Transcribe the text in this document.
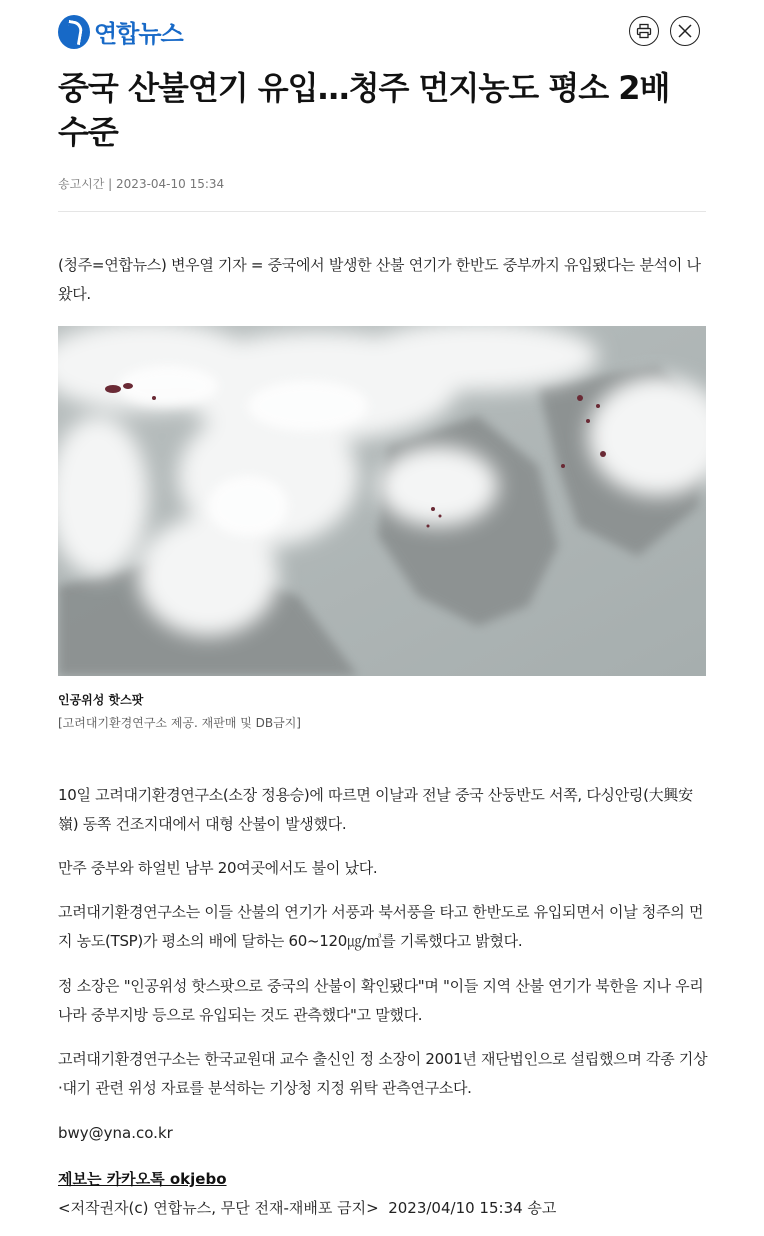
연합뉴스
중국 산불연기 유입…청주 먼지농도 평소 2배 수준
송고시간 | 2023-04-10 15:34

(청주=연합뉴스) 변우열 기자 = 중국에서 발생한 산불 연기가 한반도 중부까지 유입됐다는 분석이 나왔다.

인공위성 핫스팟
[고려대기환경연구소 제공. 재판매 및 DB금지]

10일 고려대기환경연구소(소장 정용승)에 따르면 이날과 전날 중국 산둥반도 서쪽, 다싱안링(大興安嶺) 동쪽 건조지대에서 대형 산불이 발생했다.

만주 중부와 하얼빈 남부 20여곳에서도 불이 났다.

고려대기환경연구소는 이들 산불의 연기가 서풍과 북서풍을 타고 한반도로 유입되면서 이날 청주의 먼지 농도(TSP)가 평소의 배에 달하는 60~120㎍/㎥를 기록했다고 밝혔다.

정 소장은 "인공위성 핫스팟으로 중국의 산불이 확인됐다"며 "이들 지역 산불 연기가 북한을 지나 우리나라 중부지방 등으로 유입되는 것도 관측했다"고 말했다.

고려대기환경연구소는 한국교원대 교수 출신인 정 소장이 2001년 재단법인으로 설립했으며 각종 기상·대기 관련 위성 자료를 분석하는 기상청 지정 위탁 관측연구소다.

bwy@yna.co.kr
제보는 카카오톡 okjebo
<저작권자(c) 연합뉴스, 무단 전재-재배포 금지>  2023/04/10 15:34 송고
